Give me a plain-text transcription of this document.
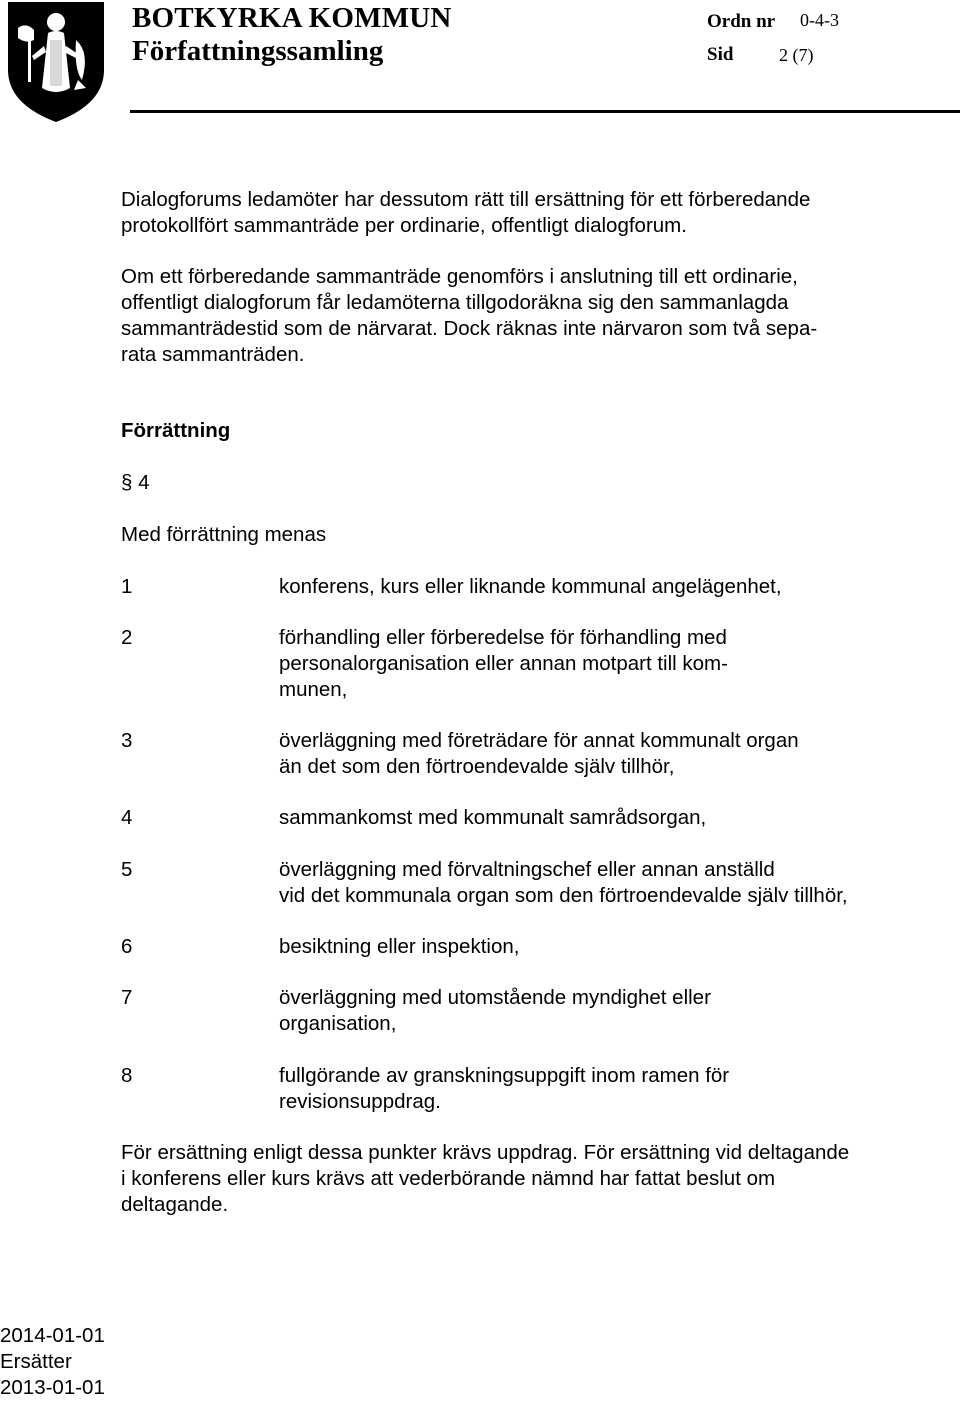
BOTKYRKA KOMMUN
Författningssamling
Ordn nr 0-4-3
Sid	2 (7)
Dialogforums ledamöter har dessutom rätt till ersättning för ett förberedande
protokollfört sammanträde per ordinarie, offentligt dialogforum.
Om ett förberedande sammanträde genomförs i anslutning till ett ordinarie,
offentligt dialogforum får ledamöterna tillgodoräkna sig den sammanlagda
sammanträdestid som de närvarat. Dock räknas inte närvaron som två sepa-
rata sammanträden.
Förrättning
§ 4
Med förrättning menas
1	konferens, kurs eller liknande kommunal angelägenhet,
2	förhandling eller förberedelse för förhandling med
personalorganisation eller annan motpart till kom-
munen,
3	överläggning med företrädare för annat kommunalt organ
än det som den förtroendevalde själv tillhör,
4	sammankomst med kommunalt samrådsorgan,
5	överläggning med förvaltningschef eller annan anställd
vid det kommunala organ som den förtroendevalde själv tillhör,
6	besiktning eller inspektion,
7	överläggning med utomstående myndighet eller
organisation,
8	fullgörande av granskningsuppgift inom ramen för
revisionsuppdrag.
För ersättning enligt dessa punkter krävs uppdrag. För ersättning vid deltagande
i konferens eller kurs krävs att vederbörande nämnd har fattat beslut om
deltagande.
2014-01-01
Ersätter
2013-01-01
